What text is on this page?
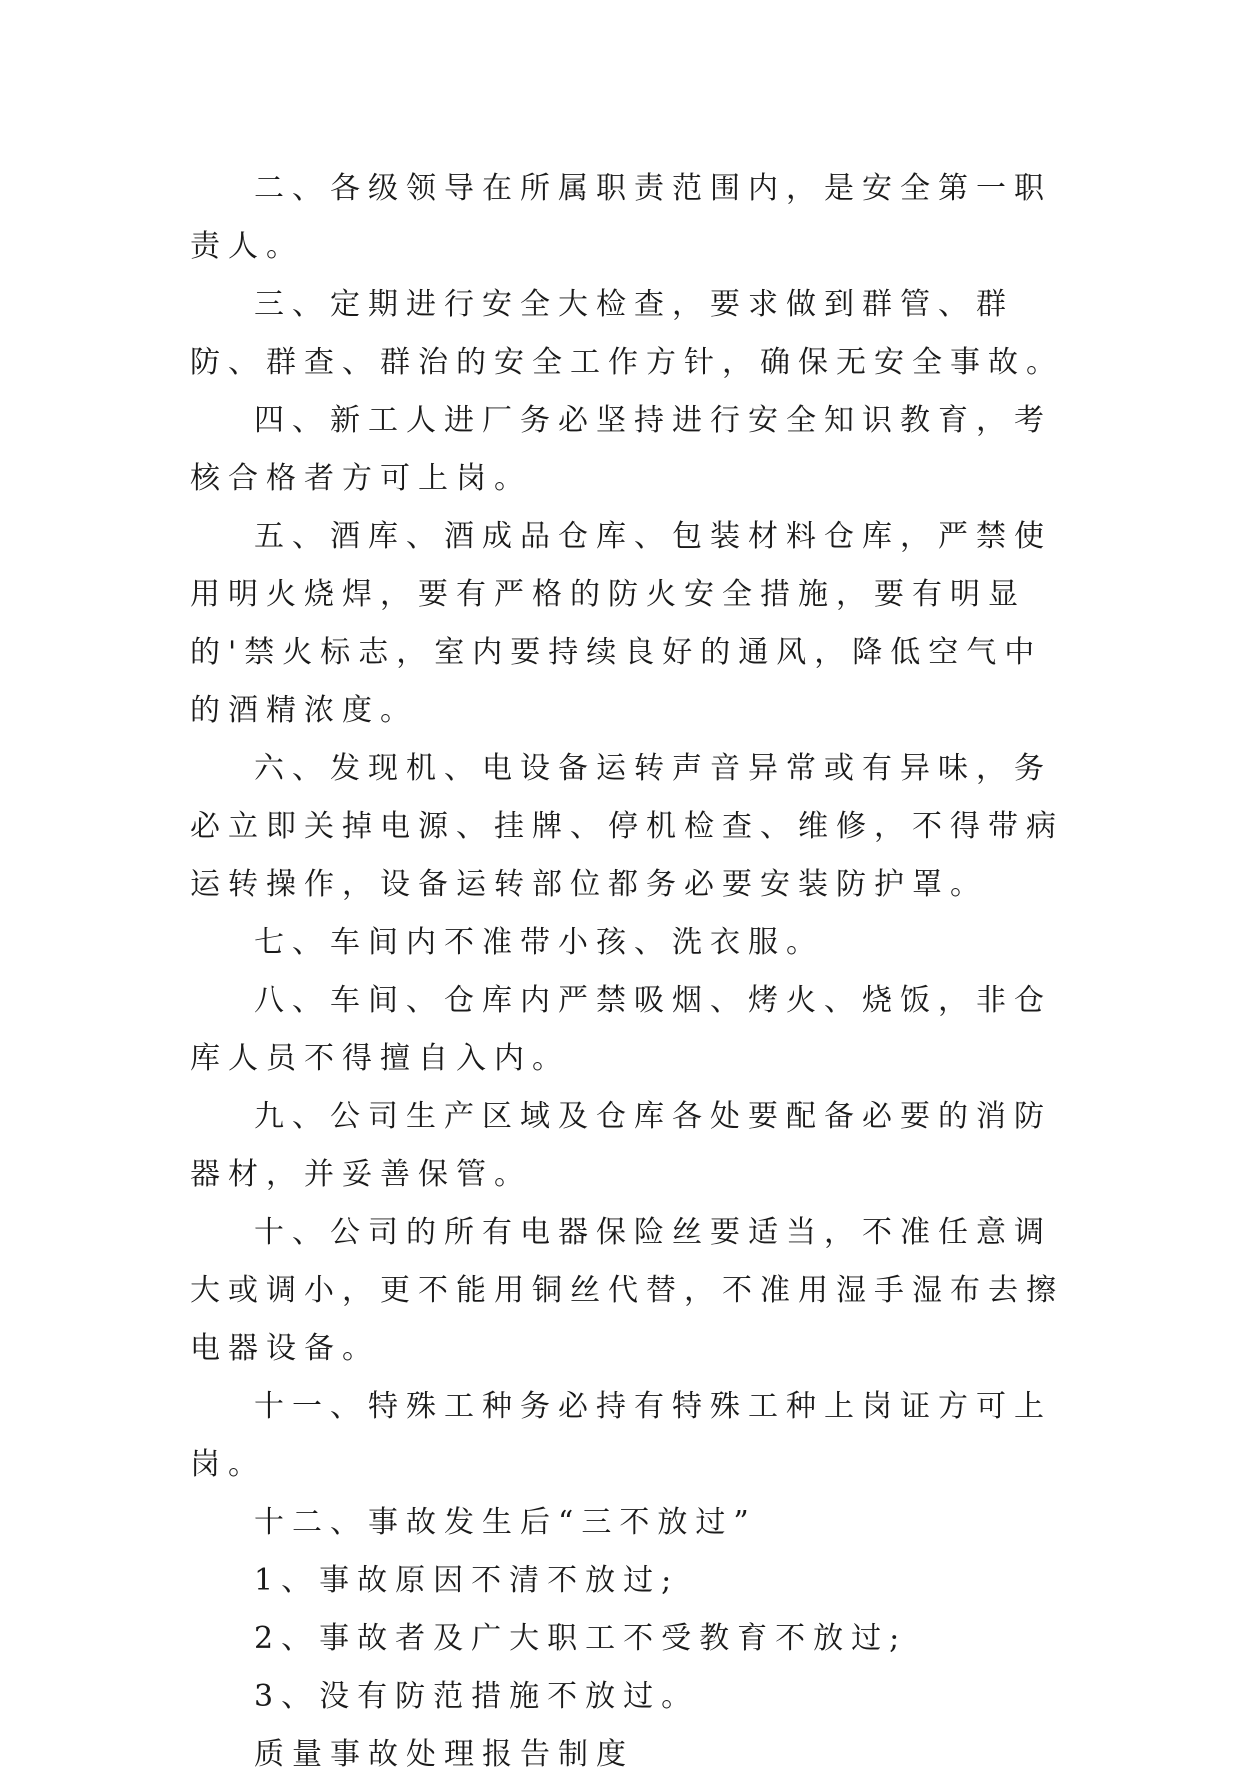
二、各级领导在所属职责范围内，是安全第一职责人。

三、定期进行安全大检查，要求做到群管、群防、群查、群治的安全工作方针，确保无安全事故。

四、新工人进厂务必坚持进行安全知识教育，考核合格者方可上岗。

五、酒库、酒成品仓库、包装材料仓库，严禁使用明火烧焊，要有严格的防火安全措施，要有明显的'禁火标志，室内要持续良好的通风，降低空气中的酒精浓度。

六、发现机、电设备运转声音异常或有异味，务必立即关掉电源、挂牌、停机检查、维修，不得带病运转操作，设备运转部位都务必要安装防护罩。

七、车间内不准带小孩、洗衣服。

八、车间、仓库内严禁吸烟、烤火、烧饭，非仓库人员不得擅自入内。

九、公司生产区域及仓库各处要配备必要的消防器材，并妥善保管。

十、公司的所有电器保险丝要适当，不准任意调大或调小，更不能用铜丝代替，不准用湿手湿布去擦电器设备。

十一、特殊工种务必持有特殊工种上岗证方可上岗。

十二、事故发生后“三不放过”

1、事故原因不清不放过;

2、事故者及广大职工不受教育不放过;

3、没有防范措施不放过。

质量事故处理报告制度
